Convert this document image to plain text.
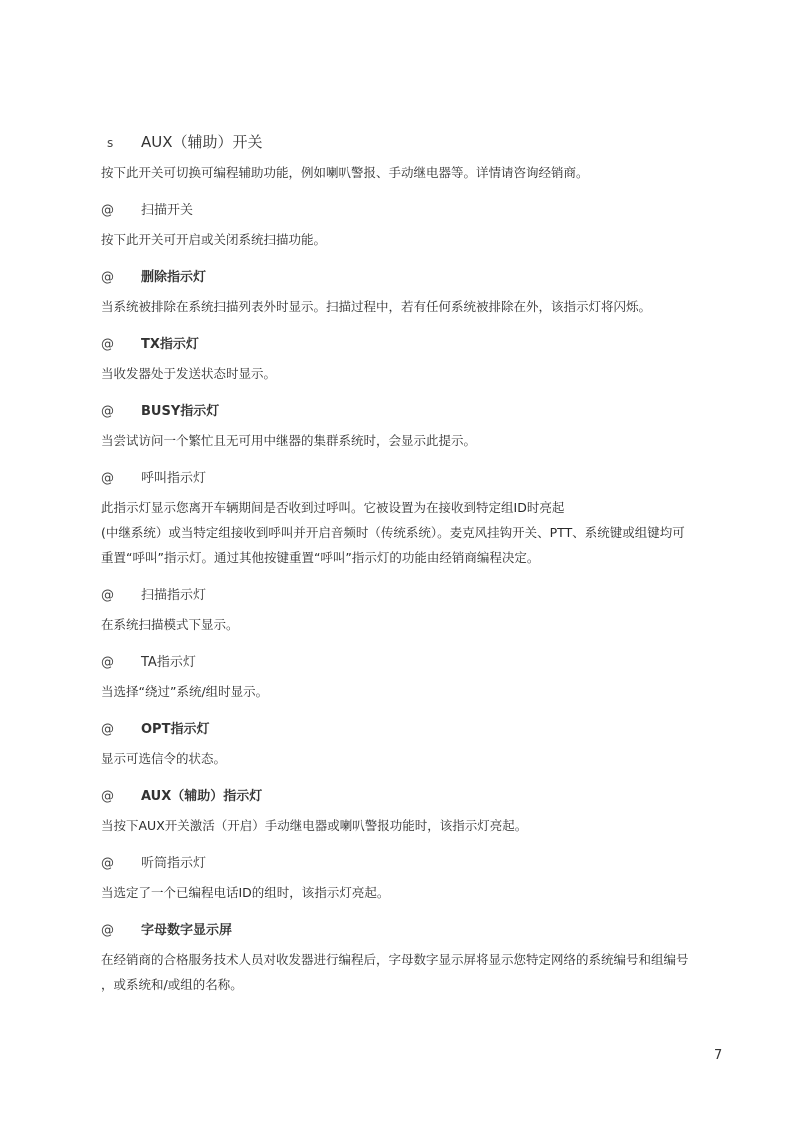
s	AUX（辅助）开关
按下此开关可切换可编程辅助功能，例如喇叭警报、手动继电器等。详情请咨询经销商。
@	扫描开关
按下此开关可开启或关闭系统扫描功能。
@	删除指示灯
当系统被排除在系统扫描列表外时显示。扫描过程中，若有任何系统被排除在外，该指示灯将闪烁。
@	TX指示灯
当收发器处于发送状态时显示。
@	BUSY指示灯
当尝试访问一个繁忙且无可用中继器的集群系统时，会显示此提示。
@	呼叫指示灯
此指示灯显示您离开车辆期间是否收到过呼叫。它被设置为在接收到特定组ID时亮起
(中继系统）或当特定组接收到呼叫并开启音频时（传统系统）。麦克风挂钩开关、PTT、系统键或组键均可
重置“呼叫”指示灯。通过其他按键重置“呼叫”指示灯的功能由经销商编程决定。
@	扫描指示灯
在系统扫描模式下显示。
@	TA指示灯
当选择“绕过”系统/组时显示。
@	OPT指示灯
显示可选信令的状态。
@	AUX（辅助）指示灯
当按下AUX开关激活（开启）手动继电器或喇叭警报功能时，该指示灯亮起。
@	听筒指示灯
当选定了一个已编程电话ID的组时，该指示灯亮起。
@	字母数字显示屏
在经销商的合格服务技术人员对收发器进行编程后，字母数字显示屏将显示您特定网络的系统编号和组编号
，或系统和/或组的名称。
7
